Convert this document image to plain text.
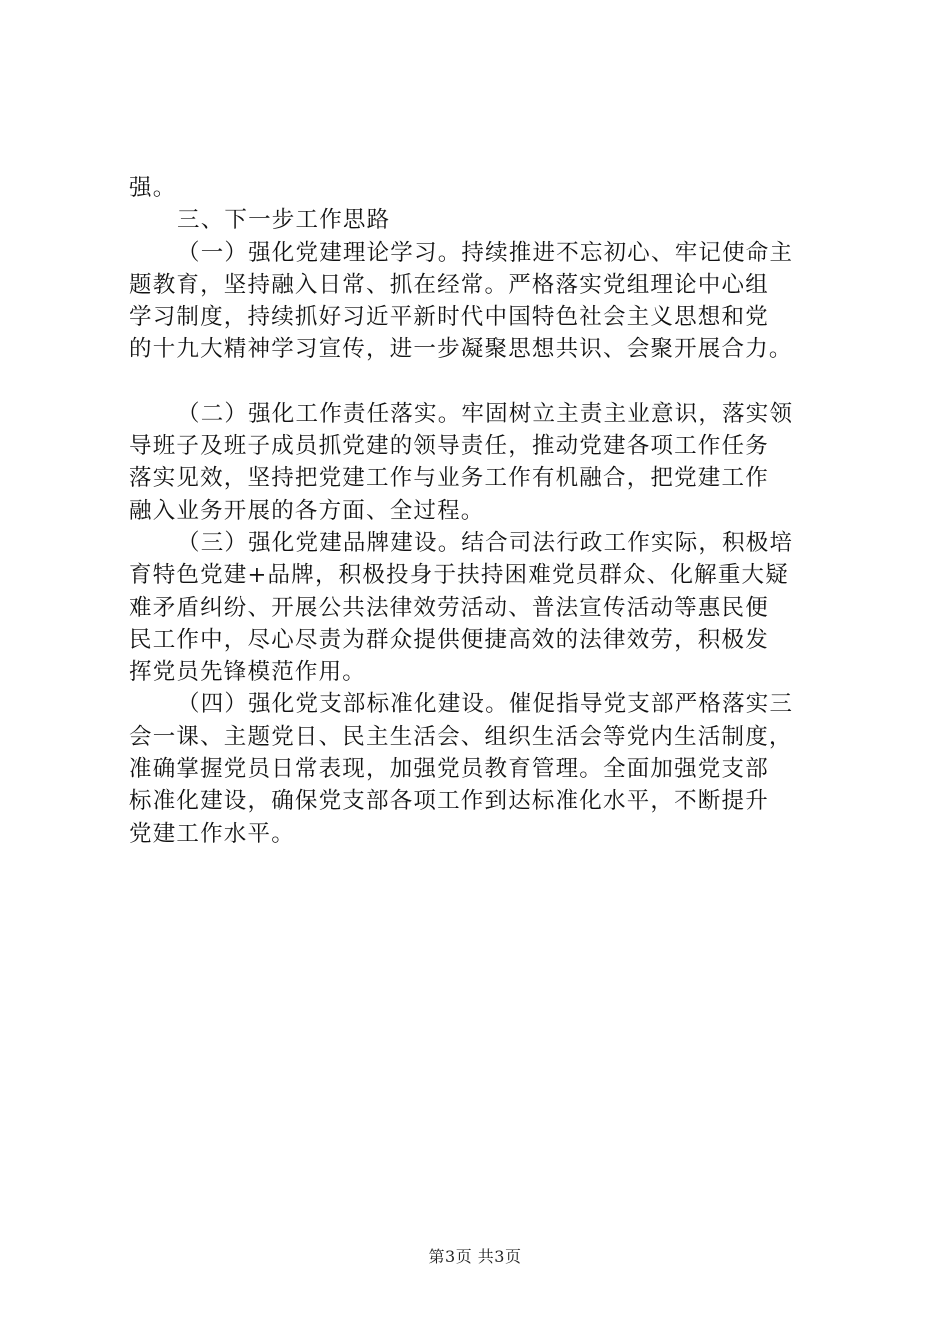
强。
三、下一步工作思路
（一）强化党建理论学习。持续推进不忘初心、牢记使命主
题教育，坚持融入日常、抓在经常。严格落实党组理论中心组
学习制度，持续抓好习近平新时代中国特色社会主义思想和党
的十九大精神学习宣传，进一步凝聚思想共识、会聚开展合力。
（二）强化工作责任落实。牢固树立主责主业意识，落实领
导班子及班子成员抓党建的领导责任，推动党建各项工作任务
落实见效，坚持把党建工作与业务工作有机融合，把党建工作
融入业务开展的各方面、全过程。
（三）强化党建品牌建设。结合司法行政工作实际，积极培
育特色党建+品牌，积极投身于扶持困难党员群众、化解重大疑
难矛盾纠纷、开展公共法律效劳活动、普法宣传活动等惠民便
民工作中，尽心尽责为群众提供便捷高效的法律效劳，积极发
挥党员先锋模范作用。
（四）强化党支部标准化建设。催促指导党支部严格落实三
会一课、主题党日、民主生活会、组织生活会等党内生活制度，
准确掌握党员日常表现，加强党员教育管理。全面加强党支部
标准化建设，确保党支部各项工作到达标准化水平，不断提升
党建工作水平。
第3页 共3页
